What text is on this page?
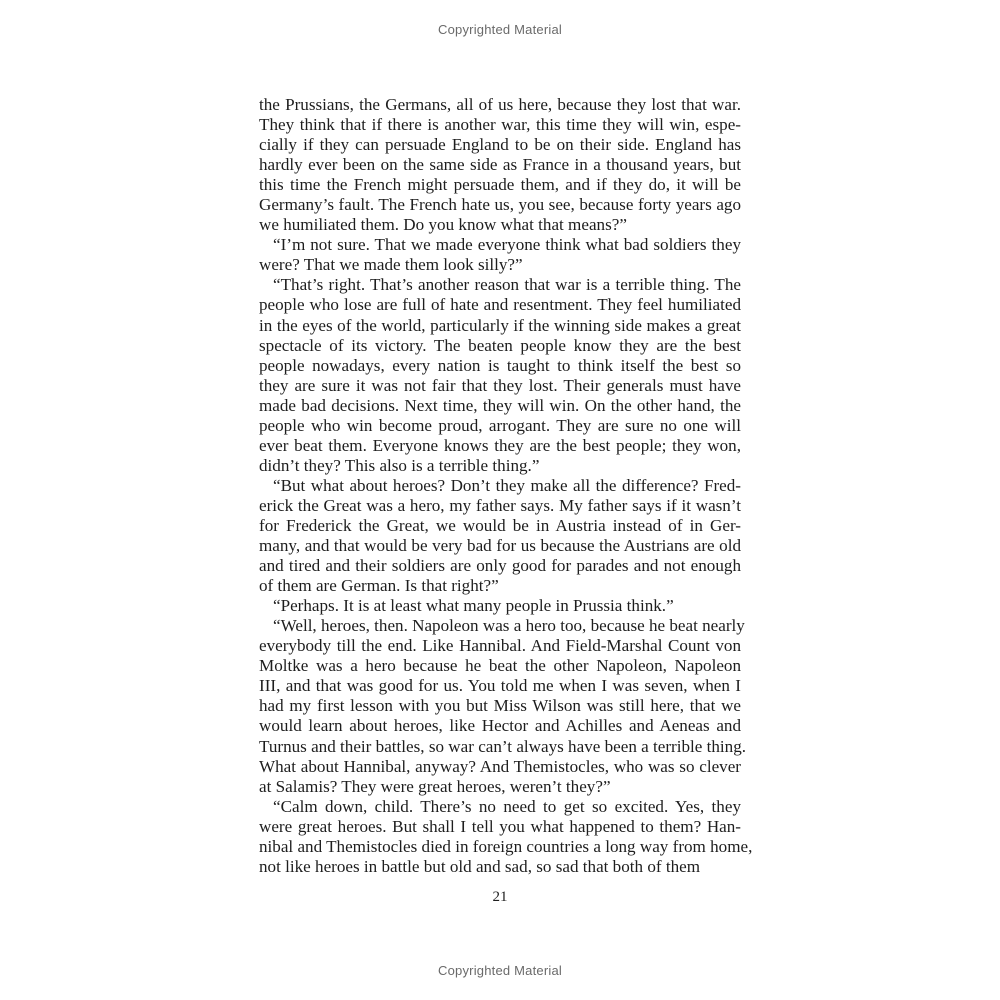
Copyrighted Material
the Prussians, the Germans, all of us here, because they lost that war.
They think that if there is another war, this time they will win, espe-
cially if they can persuade England to be on their side. England has
hardly ever been on the same side as France in a thousand years, but
this time the French might persuade them, and if they do, it will be
Germany’s fault. The French hate us, you see, because forty years ago
we humiliated them. Do you know what that means?”
“I’m not sure. That we made everyone think what bad soldiers they
were? That we made them look silly?”
“That’s right. That’s another reason that war is a terrible thing. The
people who lose are full of hate and resentment. They feel humiliated
in the eyes of the world, particularly if the winning side makes a great
spectacle of its victory. The beaten people know they are the best
people nowadays, every nation is taught to think itself the best so
they are sure it was not fair that they lost. Their generals must have
made bad decisions. Next time, they will win. On the other hand, the
people who win become proud, arrogant. They are sure no one will
ever beat them. Everyone knows they are the best people; they won,
didn’t they? This also is a terrible thing.”
“But what about heroes? Don’t they make all the difference? Fred-
erick the Great was a hero, my father says. My father says if it wasn’t
for Frederick the Great, we would be in Austria instead of in Ger-
many, and that would be very bad for us because the Austrians are old
and tired and their soldiers are only good for parades and not enough
of them are German. Is that right?”
“Perhaps. It is at least what many people in Prussia think.”
“Well, heroes, then. Napoleon was a hero too, because he beat nearly
everybody till the end. Like Hannibal. And Field-Marshal Count von
Moltke was a hero because he beat the other Napoleon, Napoleon
III, and that was good for us. You told me when I was seven, when I
had my first lesson with you but Miss Wilson was still here, that we
would learn about heroes, like Hector and Achilles and Aeneas and
Turnus and their battles, so war can’t always have been a terrible thing.
What about Hannibal, anyway? And Themistocles, who was so clever
at Salamis? They were great heroes, weren’t they?”
“Calm down, child. There’s no need to get so excited. Yes, they
were great heroes. But shall I tell you what happened to them? Han-
nibal and Themistocles died in foreign countries a long way from home,
not like heroes in battle but old and sad, so sad that both of them
21
Copyrighted Material
